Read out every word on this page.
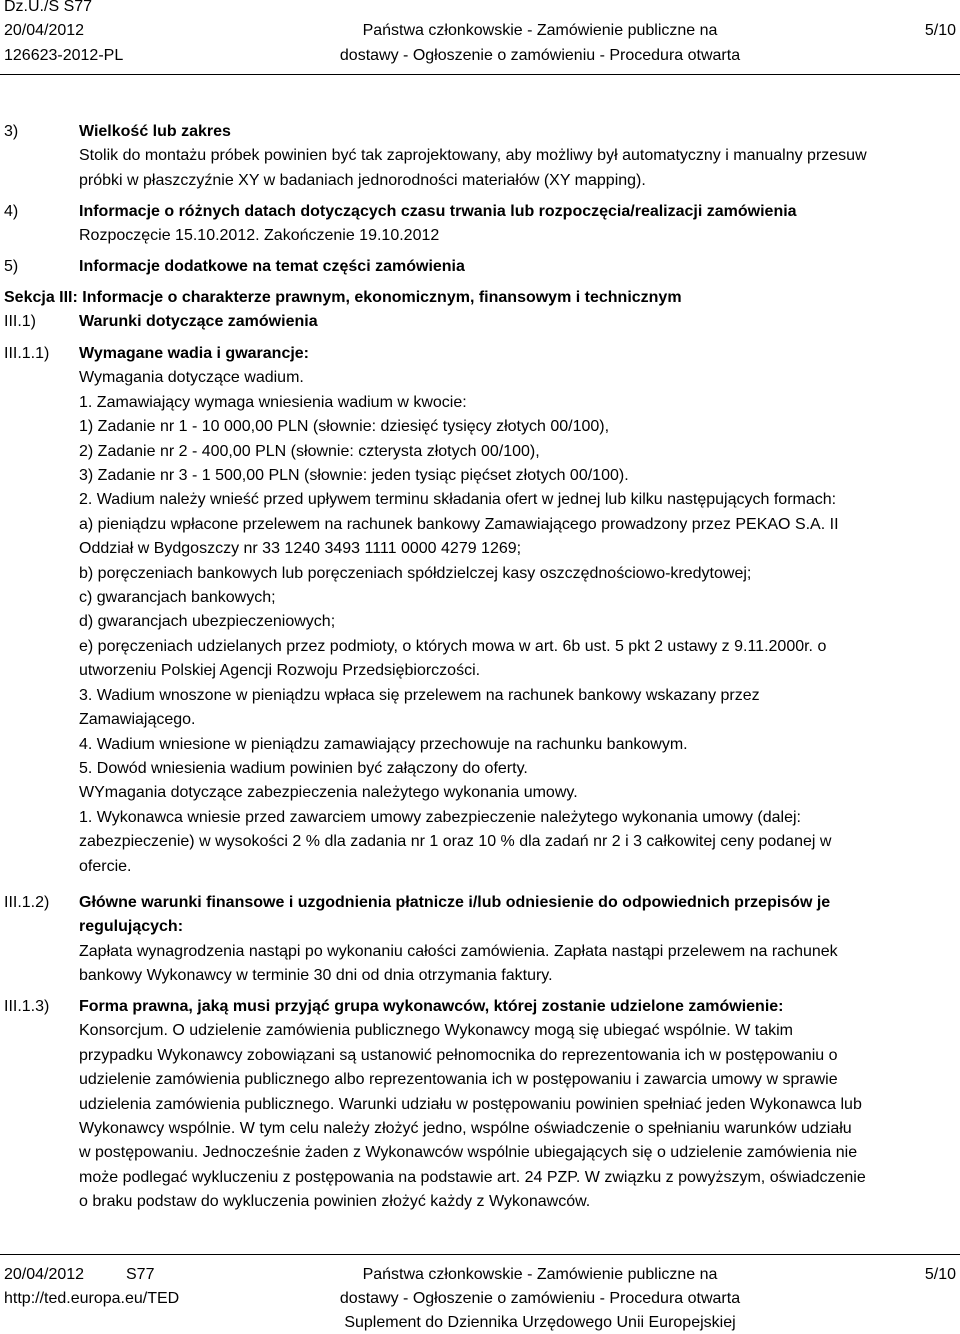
Dz.U./S S77
20/04/2012
126623-2012-PL
Państwa członkowskie - Zamówienie publiczne na
dostawy - Ogłoszenie o zamówieniu - Procedura otwarta
5/10
3)	Wielkość lub zakres
Stolik do montażu próbek powinien być tak zaprojektowany, aby możliwy był automatyczny i manualny przesuw
próbki w płaszczyźnie XY w badaniach jednorodności materiałów (XY mapping).
4)	Informacje o różnych datach dotyczących czasu trwania lub rozpoczęcia/realizacji zamówienia
Rozpoczęcie 15.10.2012. Zakończenie 19.10.2012
5)	Informacje dodatkowe na temat części zamówienia
Sekcja III: Informacje o charakterze prawnym, ekonomicznym, finansowym i technicznym
III.1)	Warunki dotyczące zamówienia
III.1.1) Wymagane wadia i gwarancje:
Wymagania dotyczące wadium.
1. Zamawiający wymaga wniesienia wadium w kwocie:
1) Zadanie nr 1 - 10 000,00 PLN (słownie: dziesięć tysięcy złotych 00/100),
2) Zadanie nr 2 - 400,00 PLN (słownie: czterysta złotych 00/100),
3) Zadanie nr 3 - 1 500,00 PLN (słownie: jeden tysiąc pięćset złotych 00/100).
2. Wadium należy wnieść przed upływem terminu składania ofert w jednej lub kilku następujących formach:
a) pieniądzu wpłacone przelewem na rachunek bankowy Zamawiającego prowadzony przez PEKAO S.A. II
Oddział w Bydgoszczy nr 33 1240 3493 1111 0000 4279 1269;
b) poręczeniach bankowych lub poręczeniach spółdzielczej kasy oszczędnościowo-kredytowej;
c) gwarancjach bankowych;
d) gwarancjach ubezpieczeniowych;
e) poręczeniach udzielanych przez podmioty, o których mowa w art. 6b ust. 5 pkt 2 ustawy z 9.11.2000r. o
utworzeniu Polskiej Agencji Rozwoju Przedsiębiorczości.
3. Wadium wnoszone w pieniądzu wpłaca się przelewem na rachunek bankowy wskazany przez
Zamawiającego.
4. Wadium wniesione w pieniądzu zamawiający przechowuje na rachunku bankowym.
5. Dowód wniesienia wadium powinien być załączony do oferty.
WYmagania dotyczące zabezpieczenia należytego wykonania umowy.
1. Wykonawca wniesie przed zawarciem umowy zabezpieczenie należytego wykonania umowy (dalej:
zabezpieczenie) w wysokości 2 % dla zadania nr 1 oraz 10 % dla zadań nr 2 i 3 całkowitej ceny podanej w
ofercie.
III.1.2) Główne warunki finansowe i uzgodnienia płatnicze i/lub odniesienie do odpowiednich przepisów je
regulujących:
Zapłata wynagrodzenia nastąpi po wykonaniu całości zamówienia. Zapłata nastąpi przelewem na rachunek
bankowy Wykonawcy w terminie 30 dni od dnia otrzymania faktury.
III.1.3) Forma prawna, jaką musi przyjąć grupa wykonawców, której zostanie udzielone zamówienie:
Konsorcjum. O udzielenie zamówienia publicznego Wykonawcy mogą się ubiegać wspólnie. W takim
przypadku Wykonawcy zobowiązani są ustanowić pełnomocnika do reprezentowania ich w postępowaniu o
udzielenie zamówienia publicznego albo reprezentowania ich w postępowaniu i zawarcia umowy w sprawie
udzielenia zamówienia publicznego. Warunki udziału w postępowaniu powinien spełniać jeden Wykonawca lub
Wykonawcy wspólnie. W tym celu należy złożyć jedno, wspólne oświadczenie o spełnianiu warunków udziału
w postępowaniu. Jednocześnie żaden z Wykonawców wspólnie ubiegających się o udzielenie zamówienia nie
może podlegać wykluczeniu z postępowania na podstawie art. 24 PZP. W związku z powyższym, oświadczenie
o braku podstaw do wykluczenia powinien złożyć każdy z Wykonawców.
20/04/2012	S77
http://ted.europa.eu/TED
Państwa członkowskie - Zamówienie publiczne na
dostawy - Ogłoszenie o zamówieniu - Procedura otwarta
Suplement do Dziennika Urzędowego Unii Europejskiej
5/10
